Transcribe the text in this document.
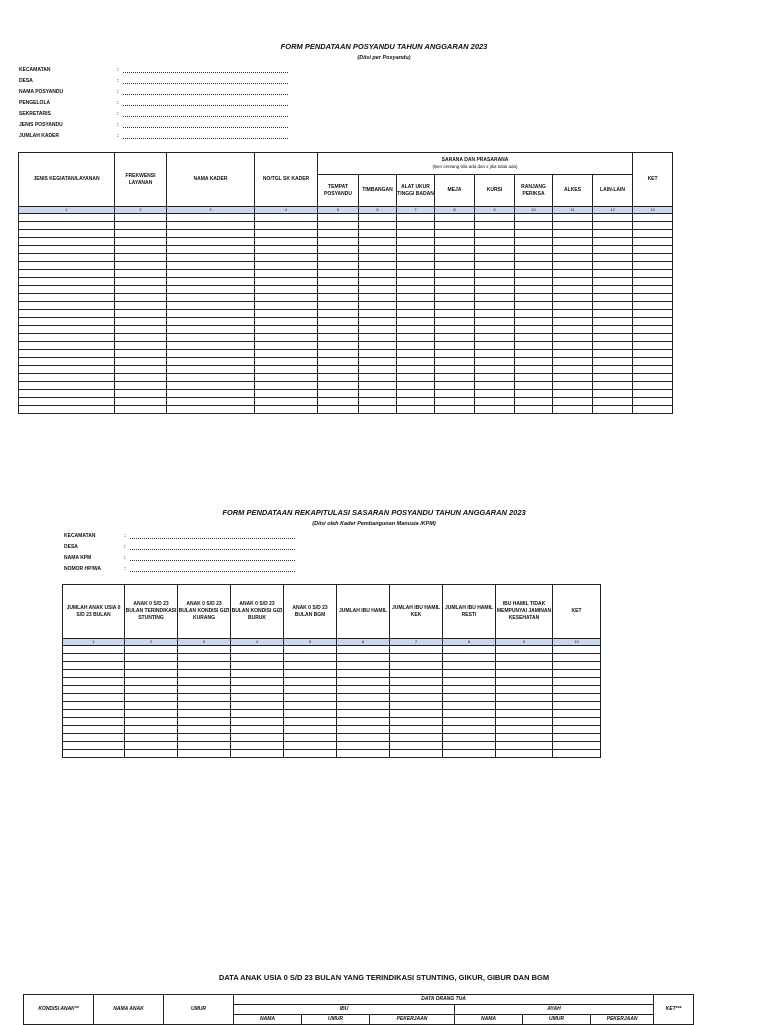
FORM PENDATAAN POSYANDU TAHUN ANGGARAN 2023
(Diisi per Posyandu)
KECAMATAN	:
DESA	:
NAMA POSYANDU	:
PENGELOLA	:
SEKRETARIS	:
JENIS POSYANDU	:
JUMLAH KADER	:
JENIS KEGIATAN/LAYANAN	FREKWENSI LAYANAN	NAMA KADER	NO/TGL SK KADER	SARANA DAN PRASARANA
(Beri centang bila ada dan x jika tidak ada)								KET
				TEMPAT POSYANDU	TIMBANGAN	ALAT UKUR TINGGI BADAN	MEJA	KURSI	RANJANG PERIKSA	ALKES	LAIN-LAIN	
1	2	3	4	5	6	7	8	9	10	11	12	13

FORM PENDATAAN REKAPITULASI SASARAN POSYANDU TAHUN ANGGARAN 2023
(Diisi oleh Kader Pembangunan Manusia /KPM)
KECAMATAN	:
DESA	:
NAMA KPM	:
NOMOR HP/WA	:
JUMLAH ANAK USIA 0 S/D 23 BULAN	ANAK 0 S/D 23 BULAN TERINDIKASI STUNTING	ANAK 0 S/D 23 BULAN KONDISI GIZI KURANG	ANAK 0 S/D 23 BULAN KONDISI GIZI BURUK	ANAK 0 S/D 23 BULAN BGM	JUMLAH IBU HAMIL	JUMLAH IBU HAMIL KEK	JUMLAH IBU HAMIL RESTI	IBU HAMIL TIDAK MEMPUNYAI JAMINAN KESEHATAN	KET
1	2	3	4	5	6	7	8	9	10

DATA ANAK USIA 0 S/D 23 BULAN YANG TERINDIKASI STUNTING, GIKUR, GIBUR DAN BGM
KONDISI ANAK**	NAMA ANAK	UMUR	DATA ORANG TUA						KET***
			IBU			AYAH			
			NAMA	UMUR	PEKERJAAN	NAMA	UMUR	PEKERJAAN	
